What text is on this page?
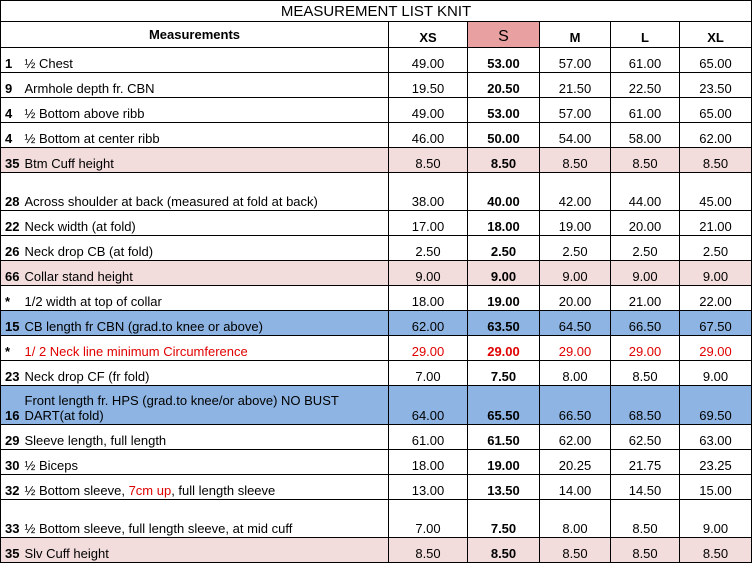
MEASUREMENT LIST KNIT						
Measurements		XS	S	M	L	XL
1	½ Chest	49.00	53.00	57.00	61.00	65.00
9	Armhole depth fr. CBN	19.50	20.50	21.50	22.50	23.50
4	½ Bottom above ribb	49.00	53.00	57.00	61.00	65.00
4	½ Bottom at center ribb	46.00	50.00	54.00	58.00	62.00
35	Btm Cuff height	8.50	8.50	8.50	8.50	8.50
28	Across shoulder at back (measured at fold at back)	38.00	40.00	42.00	44.00	45.00
22	Neck width (at fold)	17.00	18.00	19.00	20.00	21.00
26	Neck drop CB (at fold)	2.50	2.50	2.50	2.50	2.50
66	Collar stand height	9.00	9.00	9.00	9.00	9.00
*	1/2 width at top of collar	18.00	19.00	20.00	21.00	22.00
15	CB length fr CBN (grad.to knee or above)	62.00	63.50	64.50	66.50	67.50
*	1/ 2 Neck line minimum Circumference	29.00	29.00	29.00	29.00	29.00
23	Neck drop CF (fr fold)	7.00	7.50	8.00	8.50	9.00
16	Front length fr. HPS (grad.to knee/or above) NO BUST DART(at fold)	64.00	65.50	66.50	68.50	69.50
29	Sleeve length, full length	61.00	61.50	62.00	62.50	63.00
30	½ Biceps	18.00	19.00	20.25	21.75	23.25
32	½ Bottom sleeve, 7cm up, full length sleeve	13.00	13.50	14.00	14.50	15.00
33	½ Bottom sleeve, full length sleeve, at mid cuff	7.00	7.50	8.00	8.50	9.00
35	Slv Cuff height	8.50	8.50	8.50	8.50	8.50
